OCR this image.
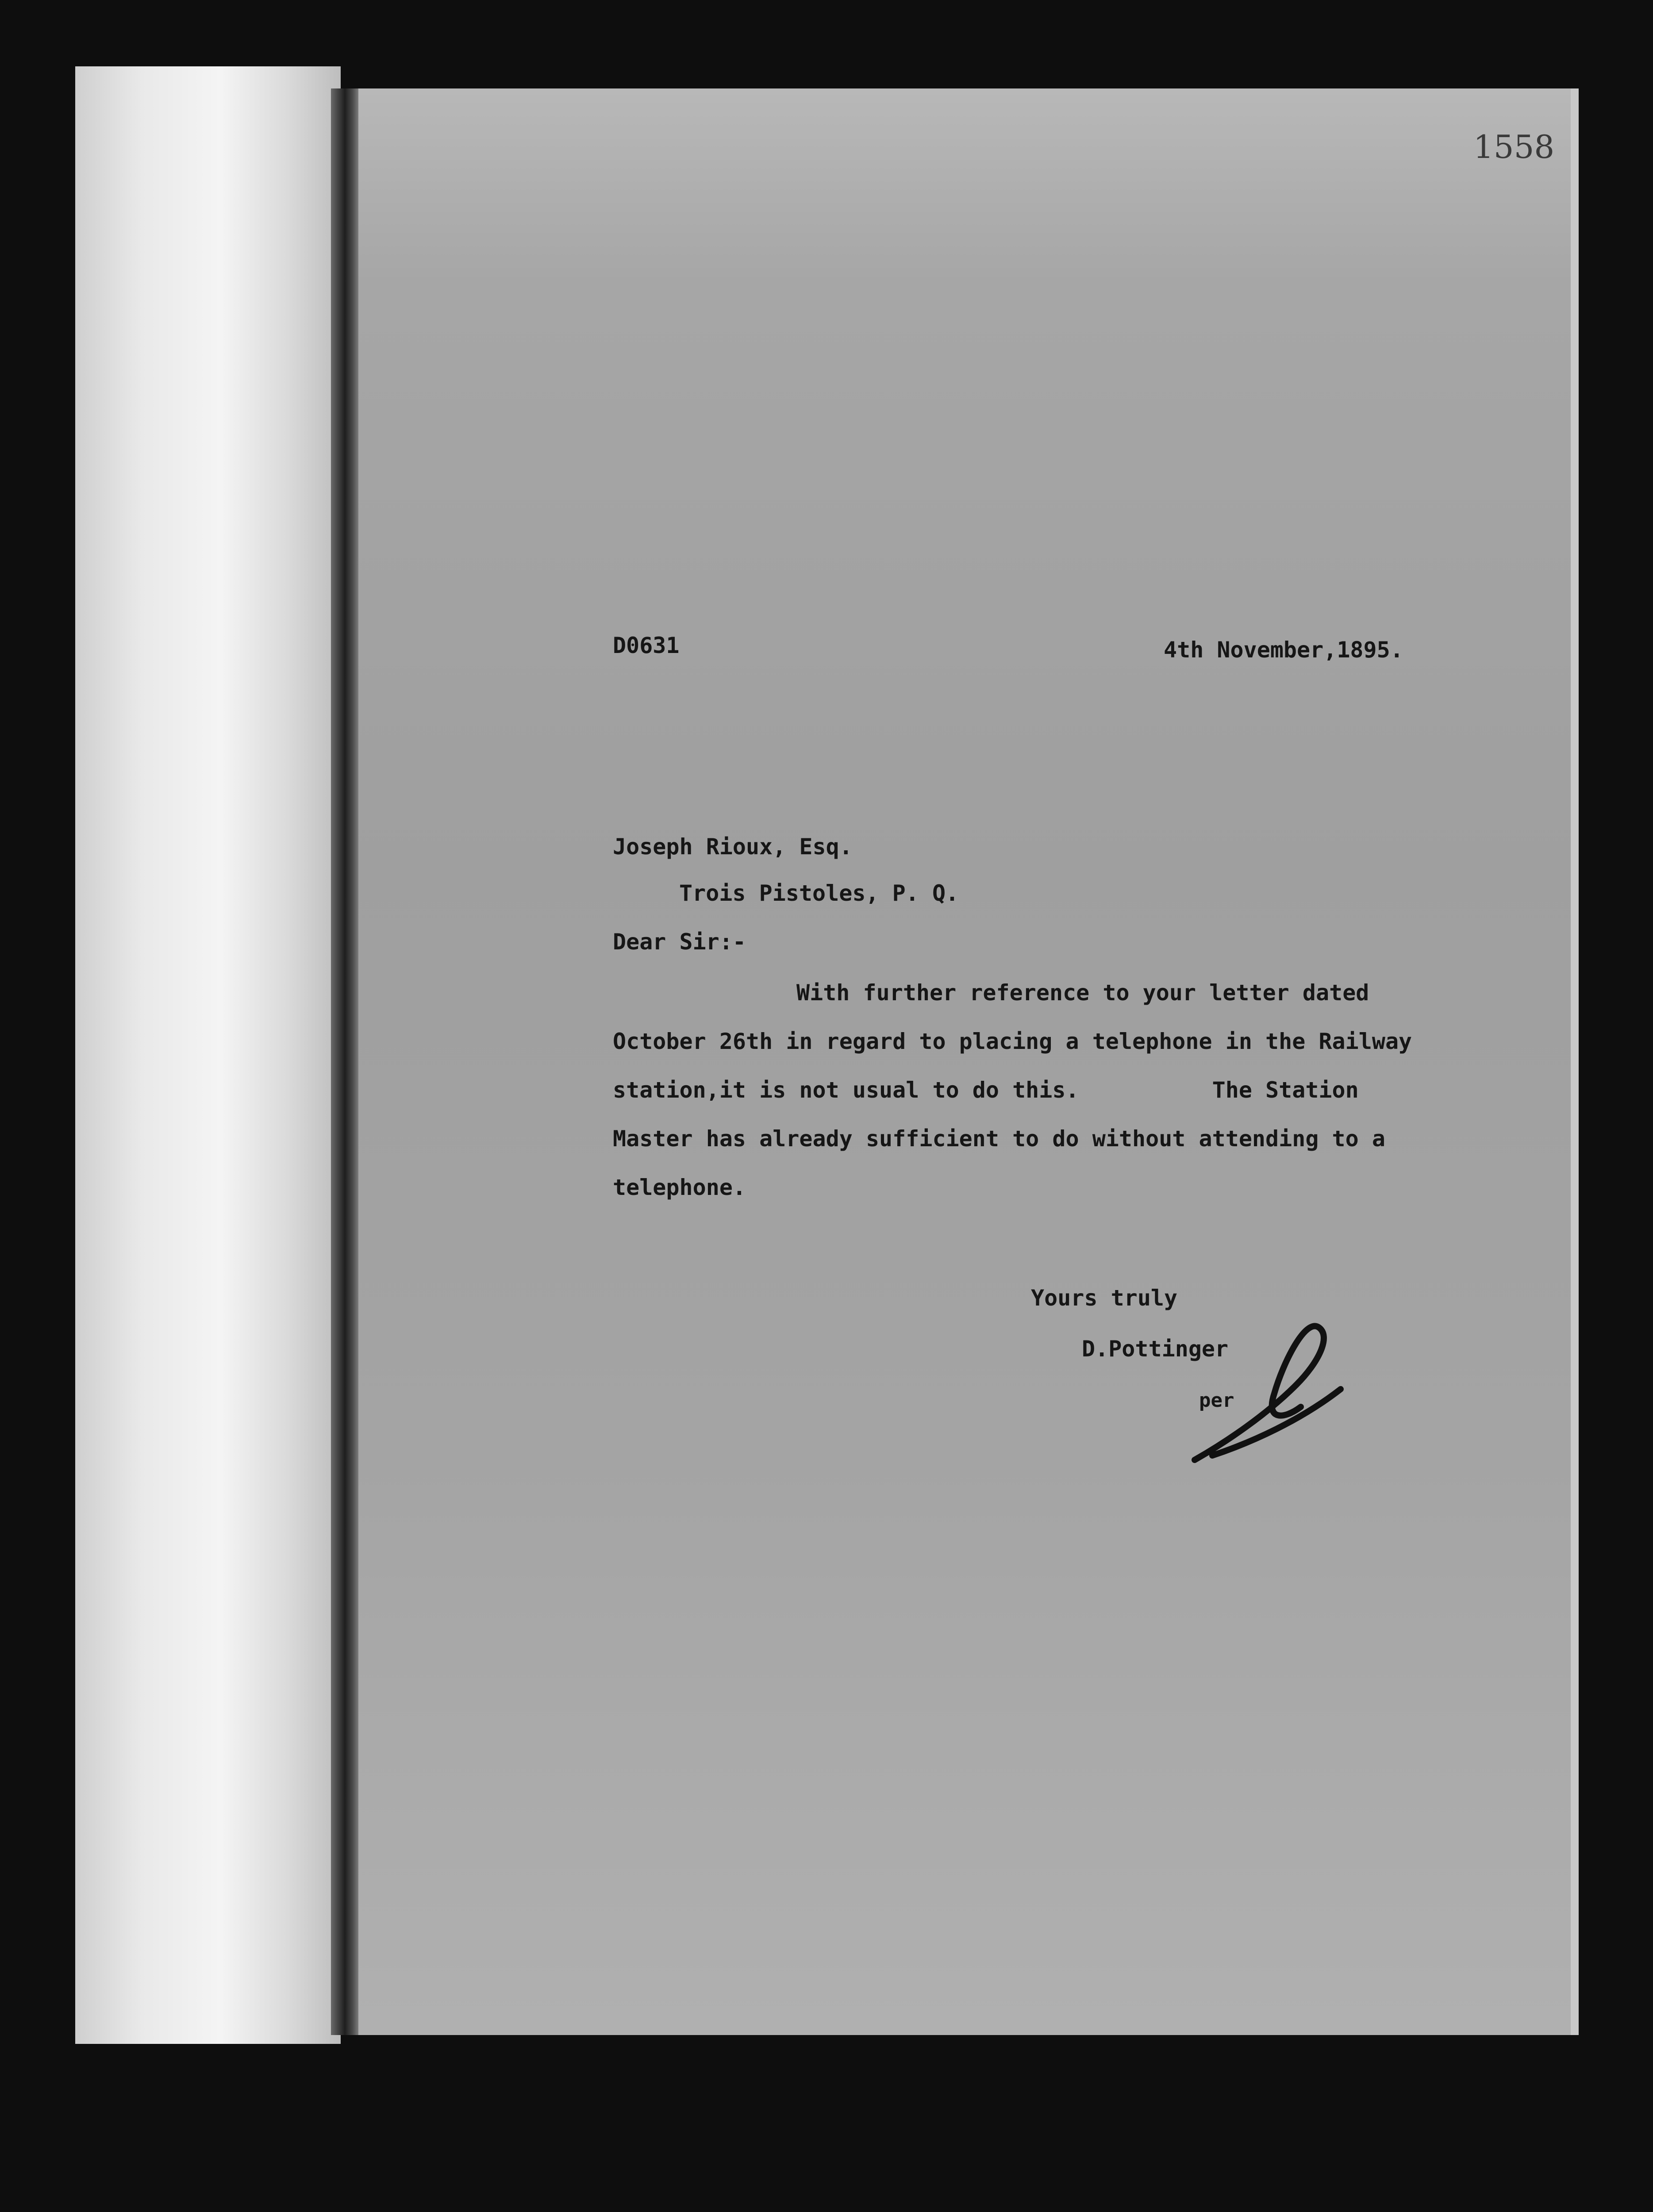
1558
D0631	4th November,1895.
Joseph Rioux, Esq.
Trois Pistoles, P. Q.
Dear Sir:-
With further reference to your letter dated
October 26th in regard to placing a telephone in the Railway
station,it is not usual to do this.          The Station
Master has already sufficient to do without attending to a
telephone.
Yours truly
D.Pottinger
per
